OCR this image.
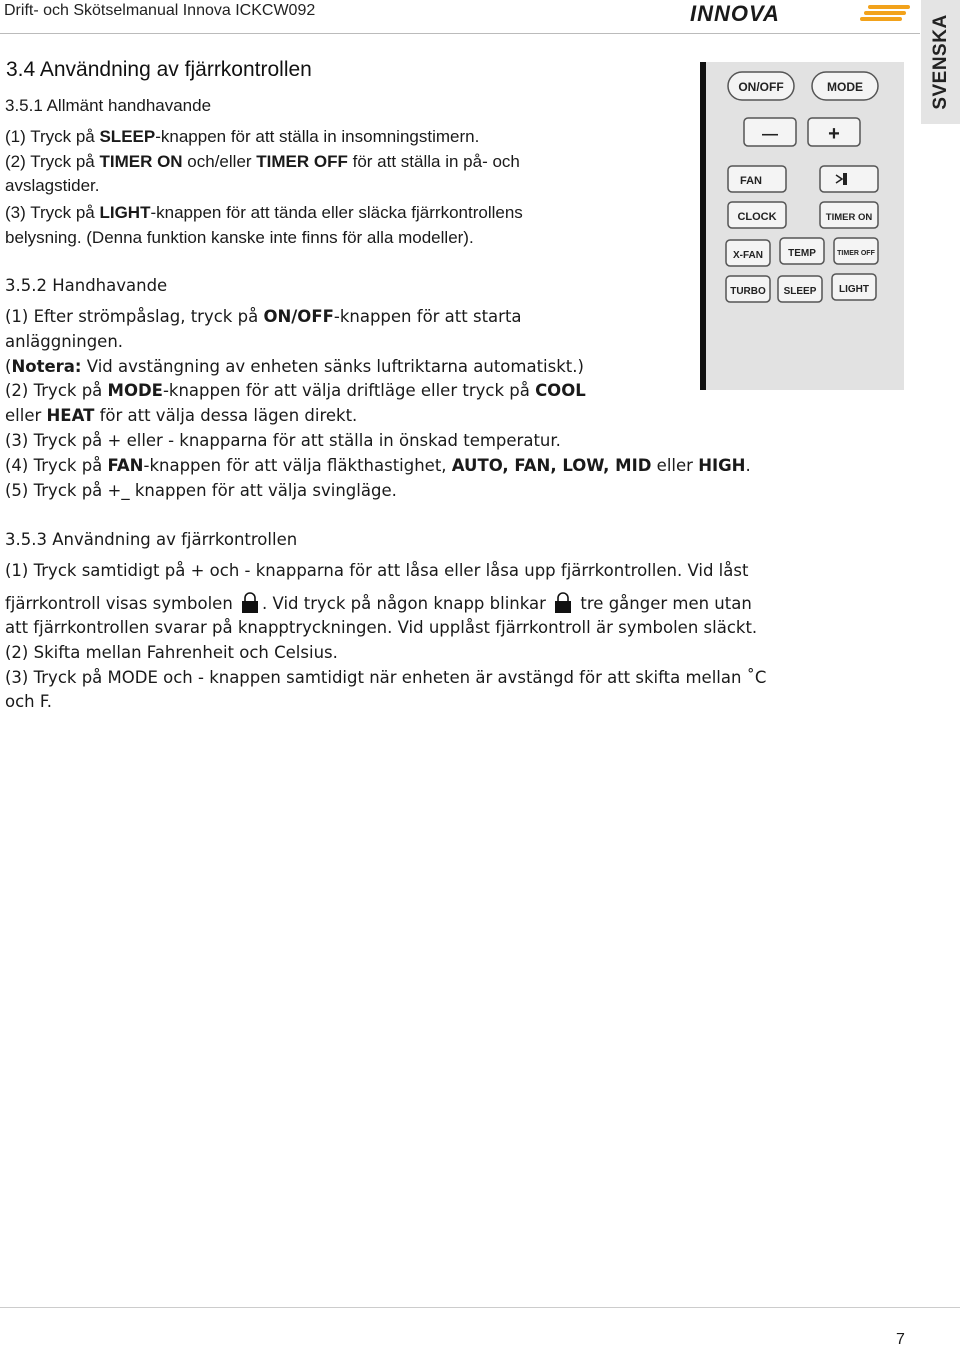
Drift- och Skötselmanual Innova ICKCW092	INNOVA
SVENSKA
3.4 Användning av fjärrkontrollen
3.5.1 Allmänt handhavande
(1) Tryck på SLEEP-knappen för att ställa in insomningstimern.
(2) Tryck på TIMER ON och/eller TIMER OFF för att ställa in på- och
avslagstider.
(3) Tryck på LIGHT-knappen för att tända eller släcka fjärrkontrollens
belysning. (Denna funktion kanske inte finns för alla modeller).
3.5.2 Handhavande
(1) Efter strömpåslag, tryck på ON/OFF-knappen för att starta
anläggningen.
(Notera: Vid avstängning av enheten sänks luftriktarna automatiskt.)
(2) Tryck på MODE-knappen för att välja driftläge eller tryck på COOL
eller HEAT för att välja dessa lägen direkt.
(3) Tryck på + eller - knapparna för att ställa in önskad temperatur.
(4) Tryck på FAN-knappen för att välja fläkthastighet, AUTO, FAN, LOW, MID eller HIGH.
(5) Tryck på +_ knappen för att välja svingläge.
3.5.3 Användning av fjärrkontrollen
(1) Tryck samtidigt på + och - knapparna för att låsa eller låsa upp fjärrkontrollen. Vid låst
fjärrkontroll visas symbolen . Vid tryck på någon knapp blinkar  tre gånger men utan
att fjärrkontrollen svarar på knapptryckningen. Vid upplåst fjärrkontroll är symbolen släckt.
(2) Skifta mellan Fahrenheit och Celsius.
(3) Tryck på MODE och - knappen samtidigt när enheten är avstängd för att skifta mellan ˚C
och F.
ON/OFF	MODE
—	+
FAN
CLOCK	TIMER ON
X-FAN	TEMP	TIMER OFF
TURBO SLEEP LIGHT
7
